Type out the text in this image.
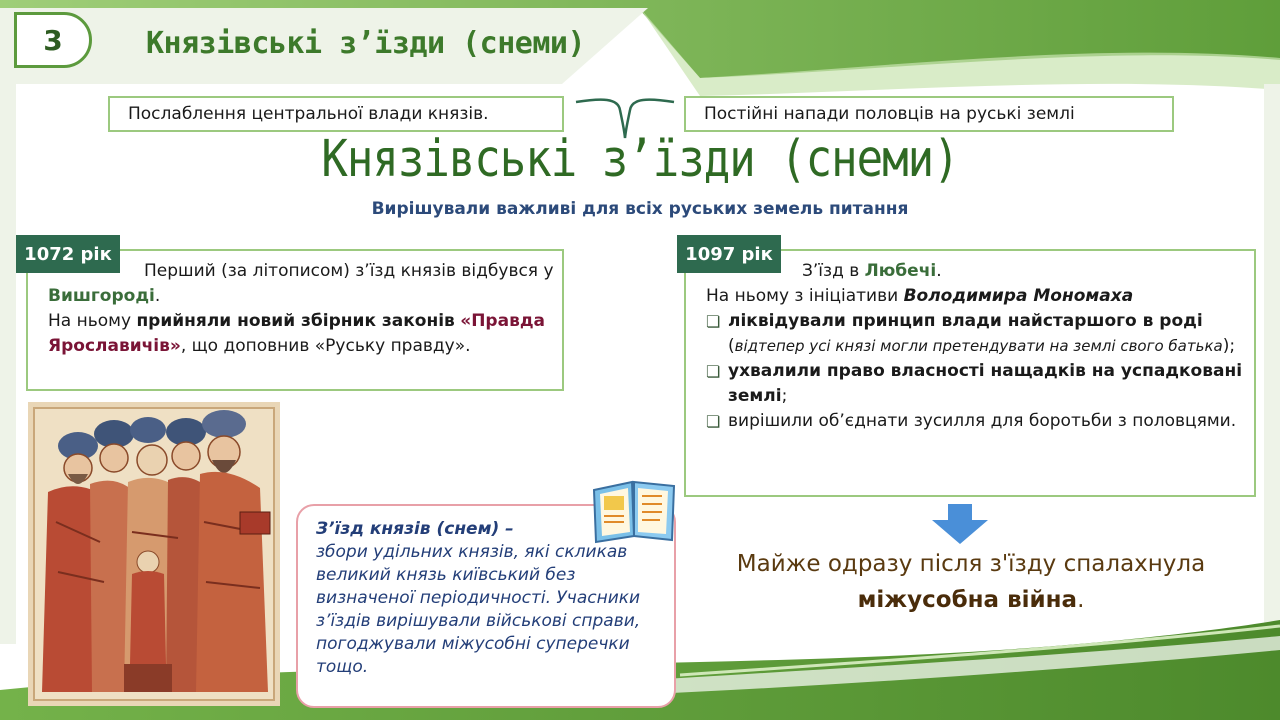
3	Князівські з’їзди (снеми)
Послаблення центральної влади князів.	Постійні напади половців на руські землі
Князівські з’їзди (снеми)
Вирішували важливі для всіх руських земель питання
1072 рік
Перший (за літописом) з’їзд князів відбувся у Вишгороді.
На ньому прийняли новий збірник законів «Правда Ярославичів», що доповнив «Руську правду».
1097 рік
З’їзд в Любечі.
На ньому з ініціативи Володимира Мономаха
❏ ліквідували принцип влади найстаршого в роді (відтепер усі князі могли претендувати на землі свого батька);
❏ ухвалили право власності нащадків на успадковані землі;
❏ вирішили об’єднати зусилля для боротьби з половцями.
Майже одразу після з'їзду спалахнула
міжусобна війна.
З’їзд князів (снем) –
збори удільних князів, які скликав великий князь київський без визначеної періодичності. Учасники з’їздів вирішували військові справи, погоджували міжусобні суперечки тощо.
